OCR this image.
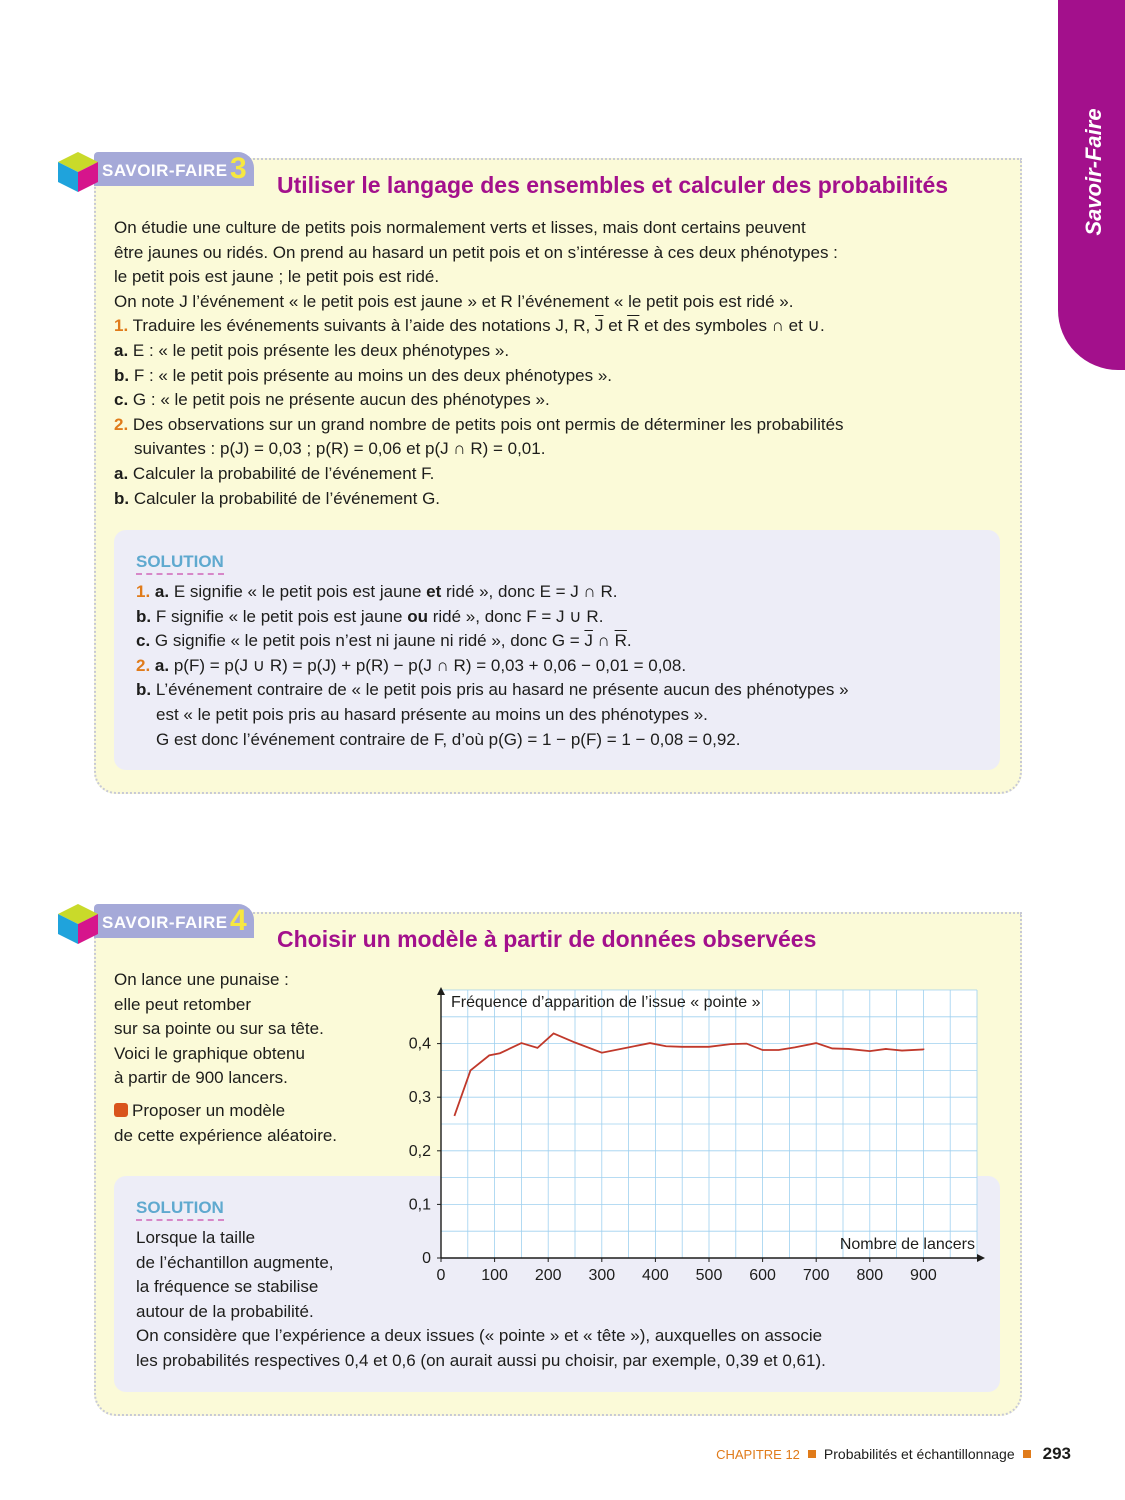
Savoir-Faire
SAVOIR-FAIRE 3 Utiliser le langage des ensembles et calculer des probabilités

On étudie une culture de petits pois normalement verts et lisses, mais dont certains peuvent

être jaunes ou ridés. On prend au hasard un petit pois et on s’intéresse à ces deux phénotypes :

le petit pois est jaune ; le petit pois est ridé.

On note J l’événement « le petit pois est jaune » et R l’événement « le petit pois est ridé ».

1. Traduire les événements suivants à l’aide des notations J, R, $\overline{J}$ et $\overline{R}$ et des symboles ∩ et ∪.

a. E : « le petit pois présente les deux phénotypes ».

b. F : « le petit pois présente au moins un des deux phénotypes ».

c. G : « le petit pois ne présente aucun des phénotypes ».

2. Des observations sur un grand nombre de petits pois ont permis de déterminer les probabilités

suivantes : p(J) = 0,03 ; p(R) = 0,06 et p(J ∩ R) = 0,01.

a. Calculer la probabilité de l’événement F.

b. Calculer la probabilité de l’événement G.

SOLUTION

1. a. E signifie « le petit pois est jaune et ridé », donc E = J ∩ R.

b. F signifie « le petit pois est jaune ou ridé », donc F = J ∪ R.

c. G signifie « le petit pois n’est ni jaune ni ridé », donc $G = \overline{J}$ ∩ $\overline{R}$.

2. a. p(F) = p(J ∪ R) = p(J) + p(R) − p(J ∩ R) = 0,03 + 0,06 − 0,01 = 0,08.

b. L’événement contraire de « le petit pois pris au hasard ne présente aucun des phénotypes »

est « le petit pois pris au hasard présente au moins un des phénotypes ».

G est donc l’événement contraire de F, d’où p(G) = 1 − p(F) = 1 − 0,08 = 0,92.

SAVOIR-FAIRE 4
Choisir un modèle à partir de données observées

On lance une punaise :

elle peut retomber

sur sa pointe ou sur sa tête.

Voici le graphique obtenu

à partir de 900 lancers.

Proposer un modèle

de cette expérience aléatoire.

SOLUTION

Lorsque la taille

de l’échantillon augmente,

la fréquence se stabilise

autour de la probabilité.

On considère que l’expérience a deux issues (« pointe » et « tête »), auxquelles on associe

les probabilités respectives 0,4 et 0,6 (on aurait aussi pu choisir, par exemple, 0,39 et 0,61).

0 100 200 300 400 500 600 700 800 900
0
0,1
0,2
0,3
0,4
Fréquence d’apparition de l’issue « pointe »
Nombre de lancers
CHAPITRE 12 Probabilités et échantillonnage 293
